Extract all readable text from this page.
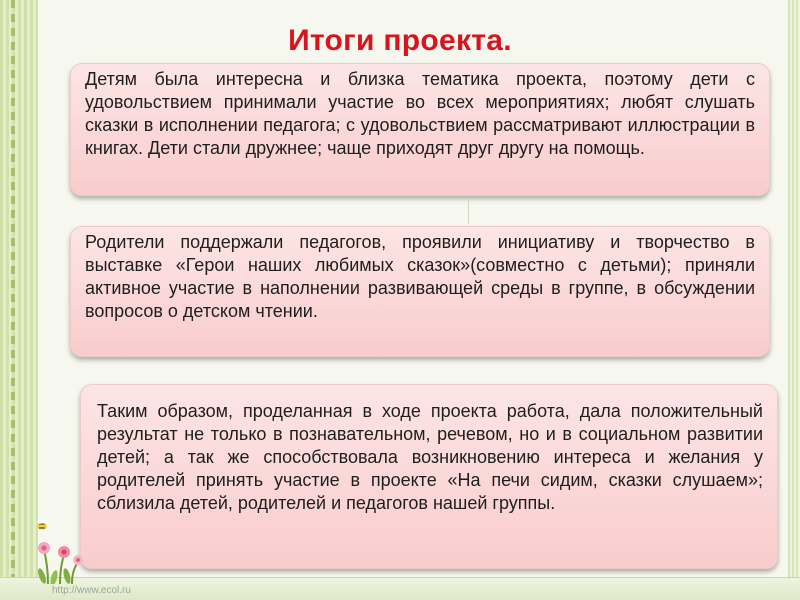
http://www.ecol.ru
Итоги проекта.
Детям была интересна и близка тематика проекта, поэтому дети с удовольствием принимали участие во всех мероприятиях; любят слушать сказки в исполнении педагога; с удовольствием рассматривают иллюстрации в книгах. Дети стали дружнее; чаще приходят друг другу на помощь.
Родители поддержали педагогов, проявили инициативу и творчество в выставке «Герои наших любимых сказок»(совместно с детьми); приняли активное участие в наполнении развивающей среды в группе, в обсуждении вопросов о детском чтении.
Таким образом, проделанная в ходе проекта работа, дала положительный результат не только в познавательном, речевом, но и в социальном развитии детей; а так же способствовала возникновению интереса и желания у родителей принять участие в проекте «На печи сидим, сказки слушаем»; сблизила детей, родителей и педагогов нашей группы.
